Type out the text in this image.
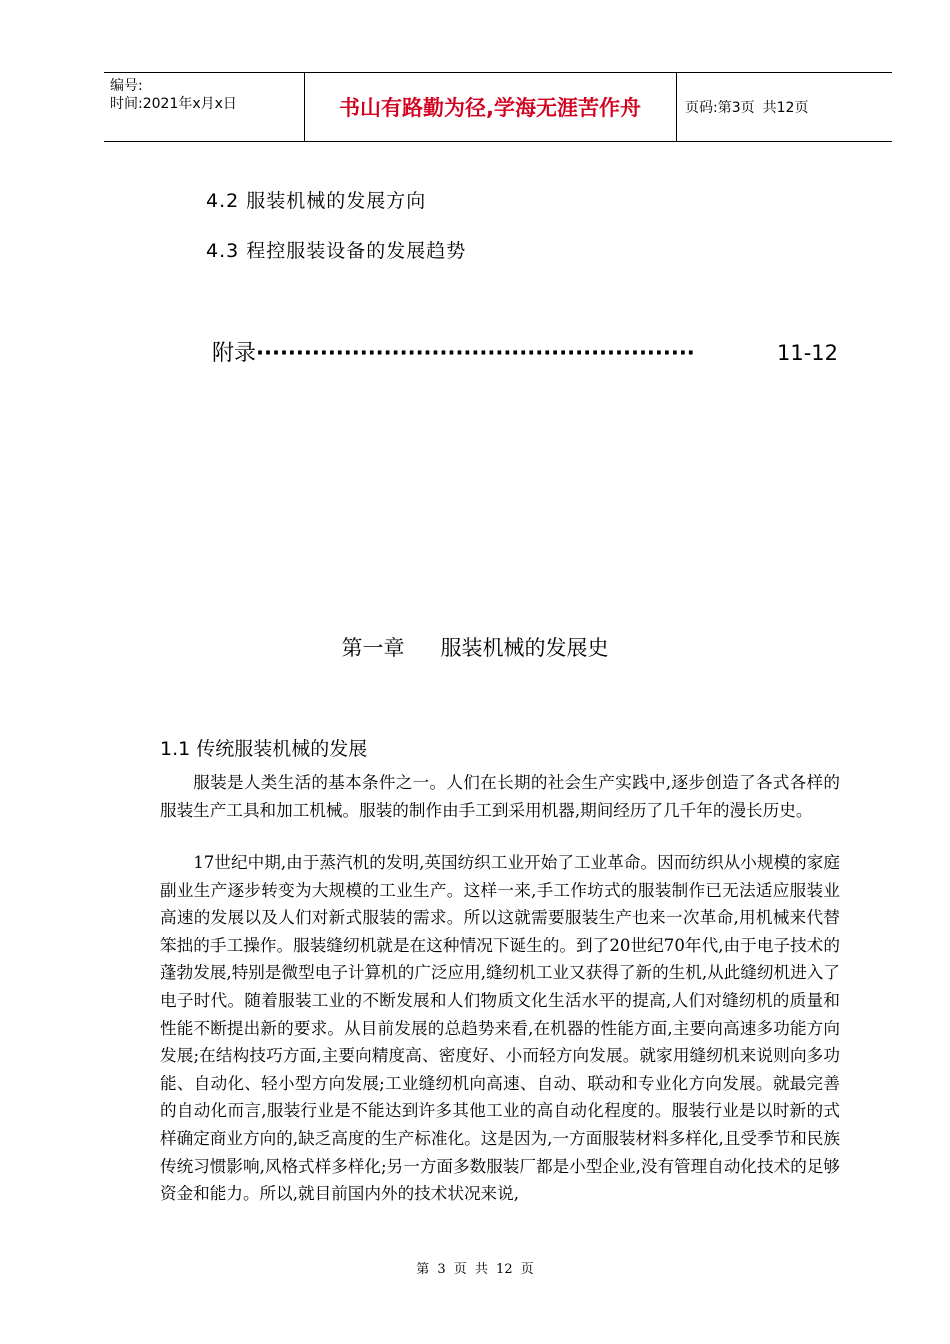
编号:
时间:2021年x月x日	书山有路勤为径,学海无涯苦作舟	页码:第3页 共12页
4.2 服装机械的发展方向
4.3 程控服装设备的发展趋势
附录 ·······················································	11-12
第一章 服装机械的发展史
1.1 传统服装机械的发展
服装是人类生活的基本条件之一。人们在长期的社会生产实践中,逐步创造了各式各样的服装生产工具和加工机械。服装的制作由手工到采用机器,期间经历了几千年的漫长历史。
17世纪中期,由于蒸汽机的发明,英国纺织工业开始了工业革命。因而纺织从小规模的家庭副业生产逐步转变为大规模的工业生产。这样一来,手工作坊式的服装制作已无法适应服装业高速的发展以及人们对新式服装的需求。所以这就需要服装生产也来一次革命,用机械来代替笨拙的手工操作。服装缝纫机就是在这种情况下诞生的。到了20世纪70年代,由于电子技术的蓬勃发展,特别是微型电子计算机的广泛应用,缝纫机工业又获得了新的生机,从此缝纫机进入了电子时代。随着服装工业的不断发展和人们物质文化生活水平的提高,人们对缝纫机的质量和性能不断提出新的要求。从目前发展的总趋势来看,在机器的性能方面,主要向高速多功能方向发展;在结构技巧方面,主要向精度高、密度好、小而轻方向发展。就家用缝纫机来说则向多功能、自动化、轻小型方向发展;工业缝纫机向高速、自动、联动和专业化方向发展。就最完善的自动化而言,服装行业是不能达到许多其他工业的高自动化程度的。服装行业是以时新的式样确定商业方向的,缺乏高度的生产标准化。这是因为,一方面服装材料多样化,且受季节和民族传统习惯影响,风格式样多样化;另一方面多数服装厂都是小型企业,没有管理自动化技术的足够资金和能力。所以,就目前国内外的技术状况来说,
第 3 页 共 12 页
